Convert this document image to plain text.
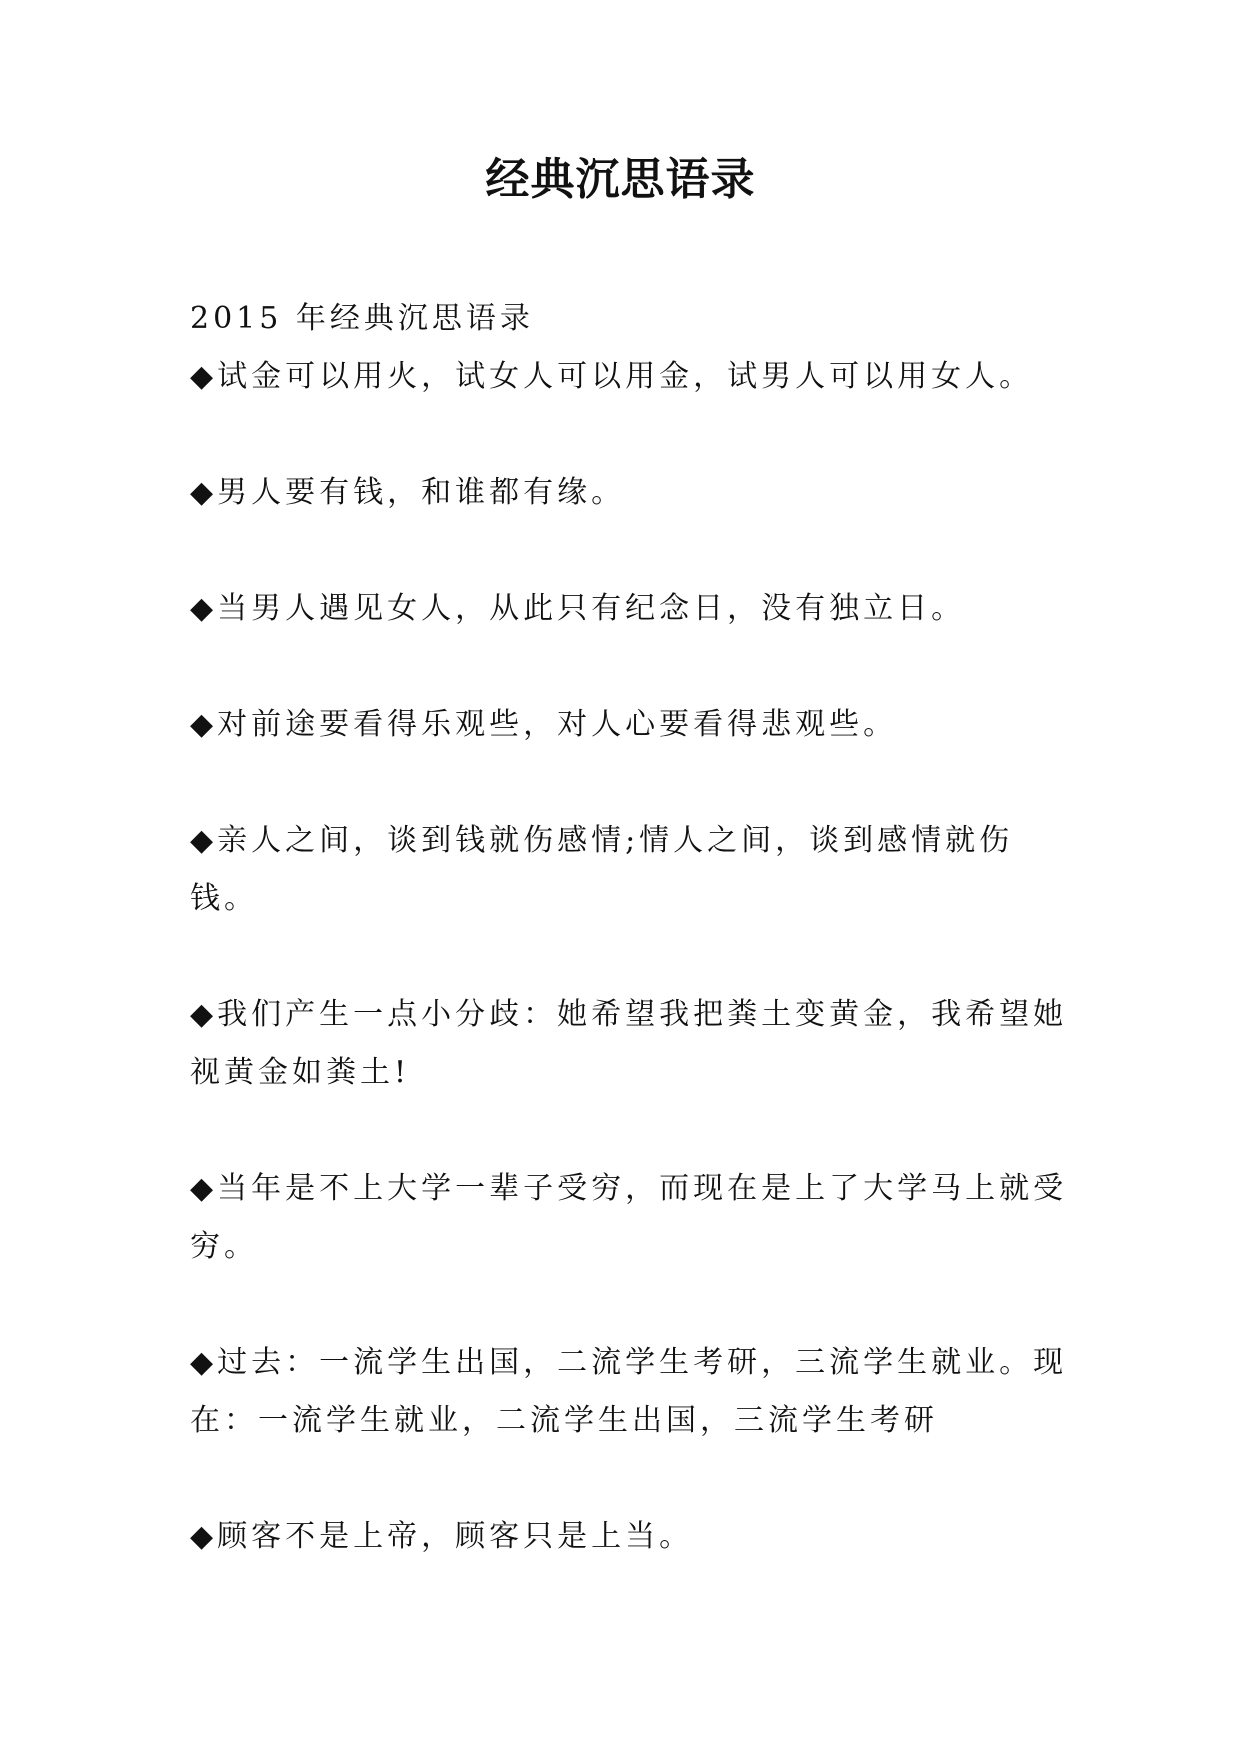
经典沉思语录

2015 年经典沉思语录

◆试金可以用火，试女人可以用金，试男人可以用女人。

◆男人要有钱，和谁都有缘。

◆当男人遇见女人，从此只有纪念日，没有独立日。

◆对前途要看得乐观些，对人心要看得悲观些。

◆亲人之间，谈到钱就伤感情;情人之间，谈到感情就伤钱。

◆我们产生一点小分歧：她希望我把粪土变黄金，我希望她视黄金如粪土!

◆当年是不上大学一辈子受穷，而现在是上了大学马上就受穷。

◆过去：一流学生出国，二流学生考研，三流学生就业。现在：一流学生就业，二流学生出国，三流学生考研

◆顾客不是上帝，顾客只是上当。
